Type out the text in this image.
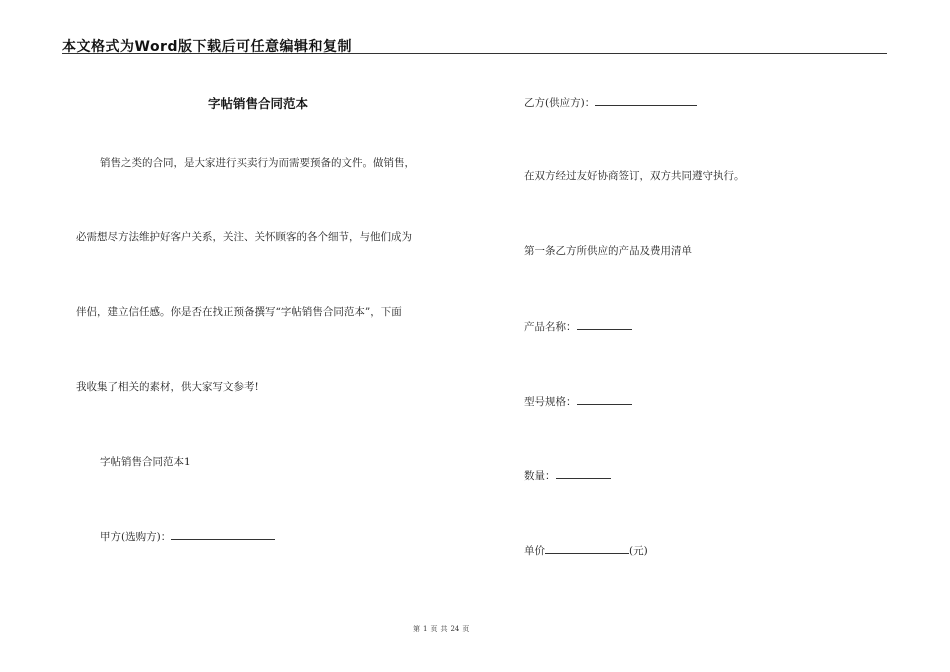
本文格式为Word版下载后可任意编辑和复制
字帖销售合同范本
销售之类的合同，是大家进行买卖行为而需要预备的文件。做销售，
必需想尽方法维护好客户关系，关注、关怀顾客的各个细节，与他们成为
伴侣，建立信任感。你是否在找正预备撰写“字帖销售合同范本”，下面
我收集了相关的素材，供大家写文参考!
字帖销售合同范本1
甲方(选购方)：
乙方(供应方)：
在双方经过友好协商签订，双方共同遵守执行。
第一条乙方所供应的产品及费用清单
产品名称：
型号规格：
数量：
单价	(元)
第 1 页 共 24 页
